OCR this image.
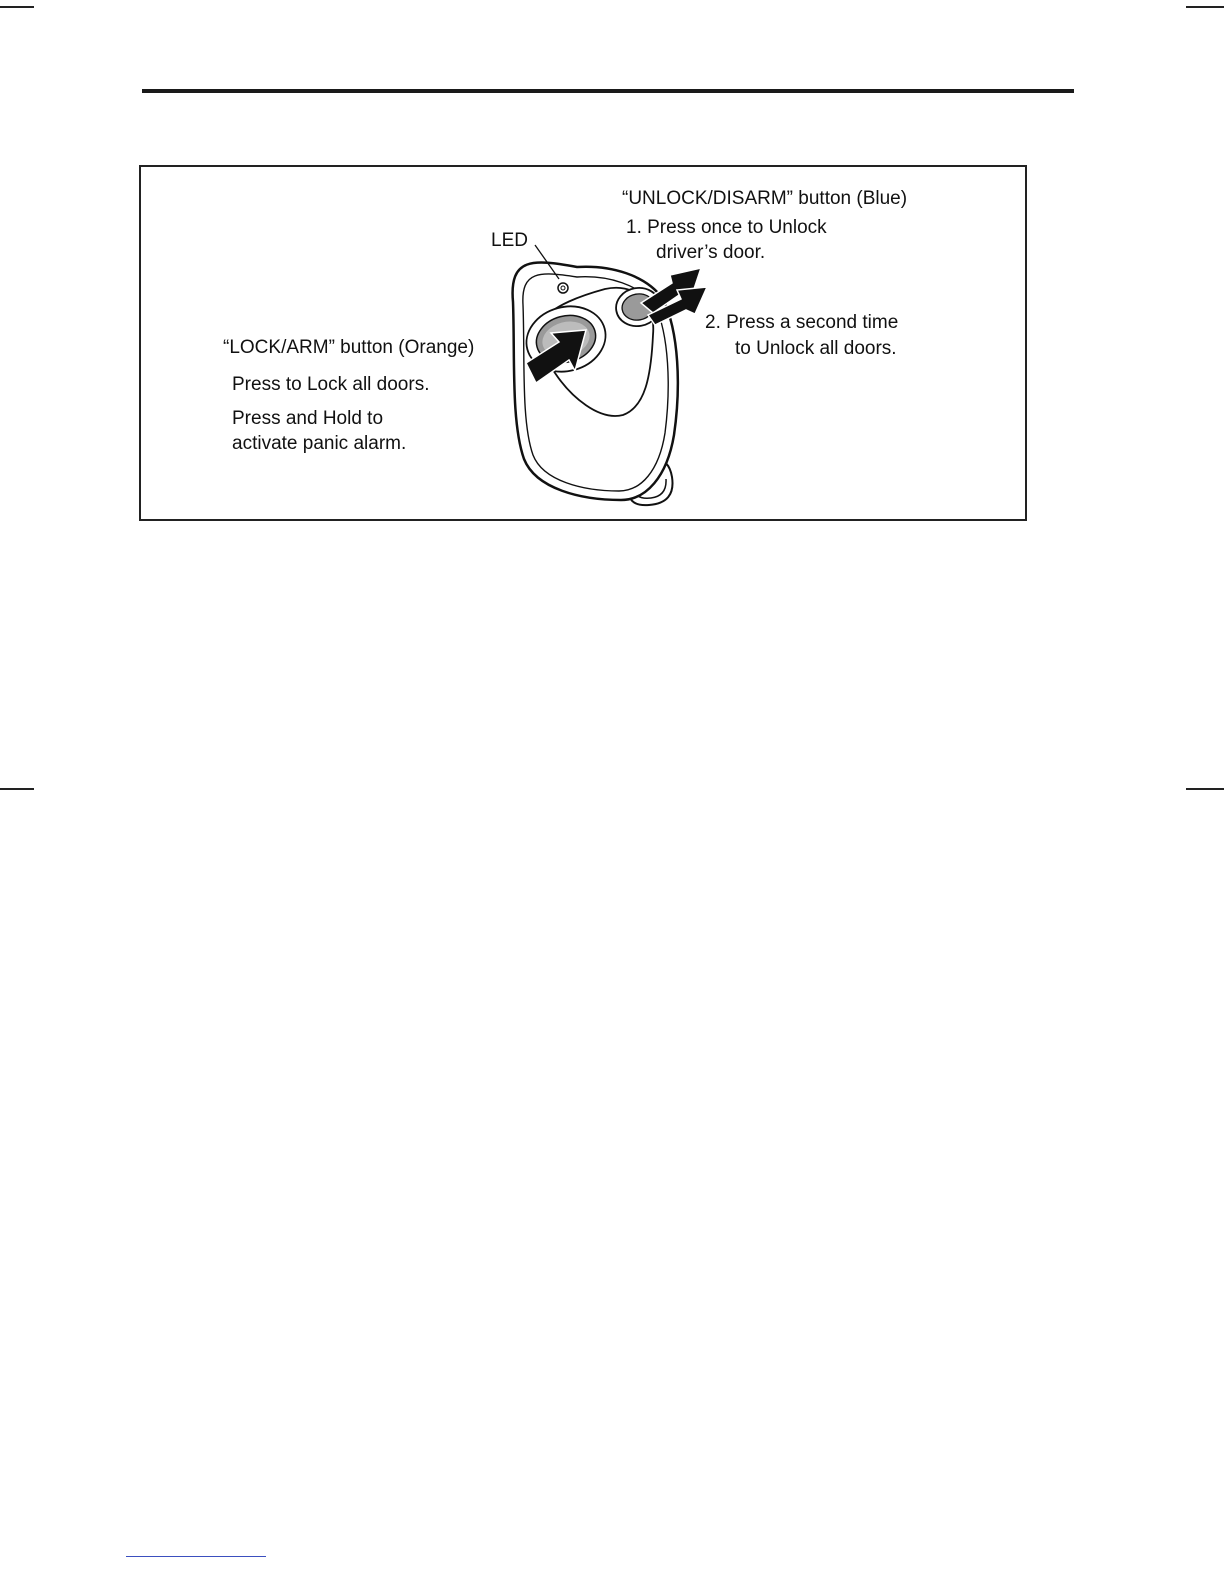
LED
“UNLOCK/DISARM” button (Blue)
1. Press once to Unlock
driver’s door.
2. Press a second time
to Unlock all doors.
“LOCK/ARM” button (Orange)
Press to Lock all doors.
Press and Hold to
activate panic alarm.
